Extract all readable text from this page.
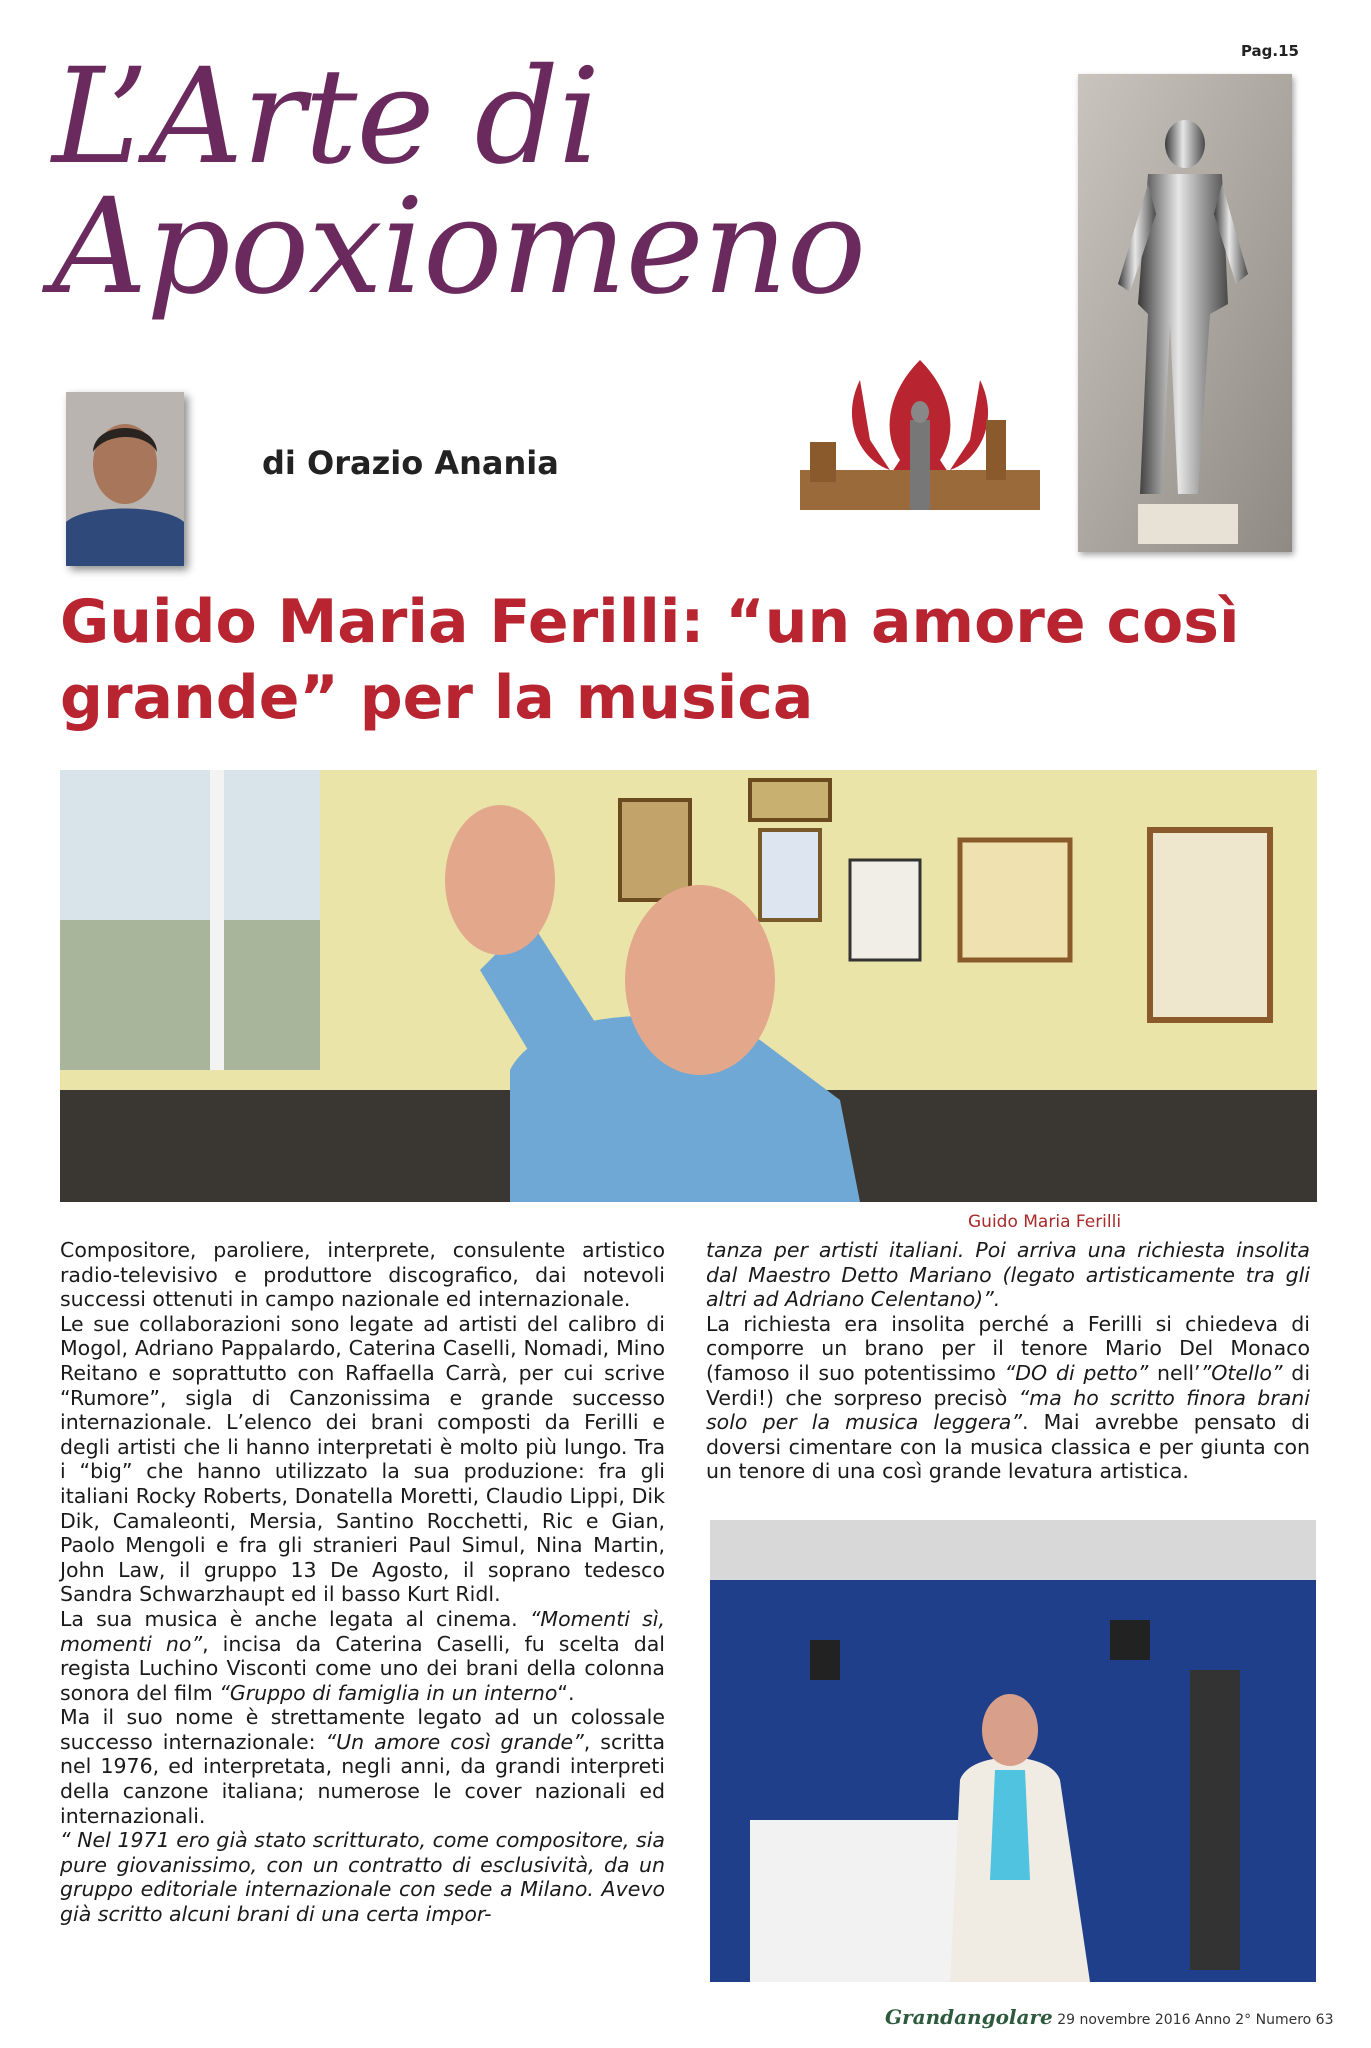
Pag.15
L’Arte di
Apoxiomeno
di Orazio Anania
Guido Maria Ferilli: “un amore così
grande” per la musica
Guido Maria Ferilli

Compositore, paroliere, interprete, consulente artistico radio-televisivo e produttore discografico, dai notevoli successi ottenuti in campo nazionale ed internazionale.

Le sue collaborazioni sono legate ad artisti del calibro di Mogol, Adriano Pappalardo, Caterina Caselli, Nomadi, Mino Reitano e soprattutto con Raffaella Carrà, per cui scrive “Rumore”, sigla di Canzonissima e grande successo internazionale. L’elenco dei brani composti da Ferilli e degli artisti che li hanno interpretati è molto più lungo. Tra i “big” che hanno utilizzato la sua produzione: fra gli italiani Rocky Roberts, Donatella Moretti, Claudio Lippi, Dik Dik, Camaleonti, Mersia, Santino Rocchetti, Ric e Gian, Paolo Mengoli e fra gli stranieri Paul Simul, Nina Martin, John Law, il gruppo 13 De Agosto, il soprano tedesco Sandra Schwarzhaupt ed il basso Kurt Ridl.

La sua musica è anche legata al cinema. “Momenti sì, momenti no”, incisa da Caterina Caselli, fu scelta dal regista Luchino Visconti come uno dei brani della colonna sonora del film “Gruppo di famiglia in un interno“.

Ma il suo nome è strettamente legato ad un colossale successo internazionale: “Un amore così grande”, scritta nel 1976, ed interpretata, negli anni, da grandi interpreti della canzone italiana; numerose le cover nazionali ed internazionali.

“ Nel 1971 ero già stato scritturato, come compositore, sia pure giovanissimo, con un contratto di esclusività, da un gruppo editoriale internazionale con sede a Milano. Avevo già scritto alcuni brani di una certa impor-

tanza per artisti italiani. Poi arriva una richiesta insolita dal Maestro Detto Mariano (legato artisticamente tra gli altri ad Adriano Celentano)”.

La richiesta era insolita perché a Ferilli si chiedeva di comporre un brano per il tenore Mario Del Monaco (famoso il suo potentissimo “DO di petto” nell’”Otello” di Verdi!) che sorpreso precisò “ma ho scritto finora brani solo per la musica leggera”. Mai avrebbe pensato di doversi cimentare con la musica classica e per giunta con un tenore di una così grande levatura artistica.

Grandangolare 29 novembre 2016 Anno 2° Numero 63
